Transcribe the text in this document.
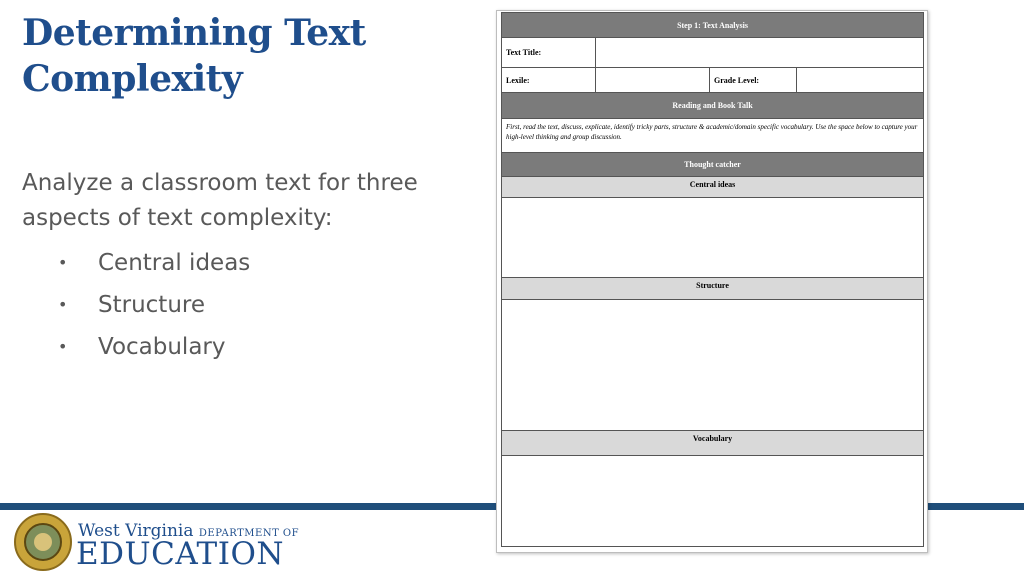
Determining Text
Complexity
Analyze a classroom text for three
aspects of text complexity:
•	Central ideas
•	Structure
•	Vocabulary
West Virginia DEPARTMENT OF
EDUCATION	34
Step 1: Text Analysis			
Text Title:			
Lexile:		Grade Level:	
Reading and Book Talk			
First, read the text, discuss, explicate, identify tricky parts, structure & academic/domain specific vocabulary. Use the space below to capture your high-level thinking and group discussion.			
Thought catcher			
Central ideas			

Structure			

Vocabulary			
